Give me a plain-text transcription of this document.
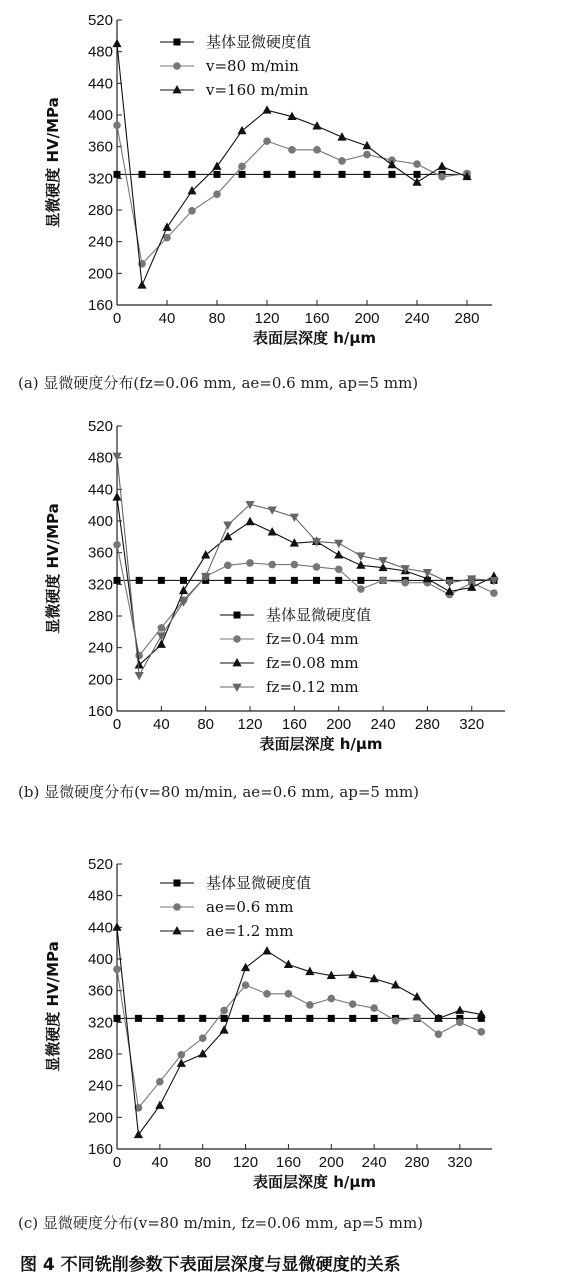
160
200
240
280
320
360
400
440
480
520
0 40 80 120 160 200 240 280
表面层深度 h/μm
显微硬度 HV/MPa
基体显微硬度值
v=80 m/min
v=160 m/min
(a) 显微硬度分布(fz=0.06 mm, ae=0.6 mm, ap=5 mm)
160
200
240
280
320
360
400
440
480
520
0 40 80 120 160 200 240 280 320
表面层深度 h/μm
显微硬度 HV/MPa	基体显微硬度值
fz=0.04 mm
fz=0.08 mm
fz=0.12 mm
(b) 显微硬度分布(v=80 m/min, ae=0.6 mm, ap=5 mm)
160
200
240
280
320
360
400
440
480
520
0 40 80 120 160 200 240 280 320
表面层深度 h/μm
显微硬度 HV/MPa
基体显微硬度值
ae=0.6 mm
ae=1.2 mm
(c) 显微硬度分布(v=80 m/min, fz=0.06 mm, ap=5 mm)
图 4 不同铣削参数下表面层深度与显微硬度的关系
